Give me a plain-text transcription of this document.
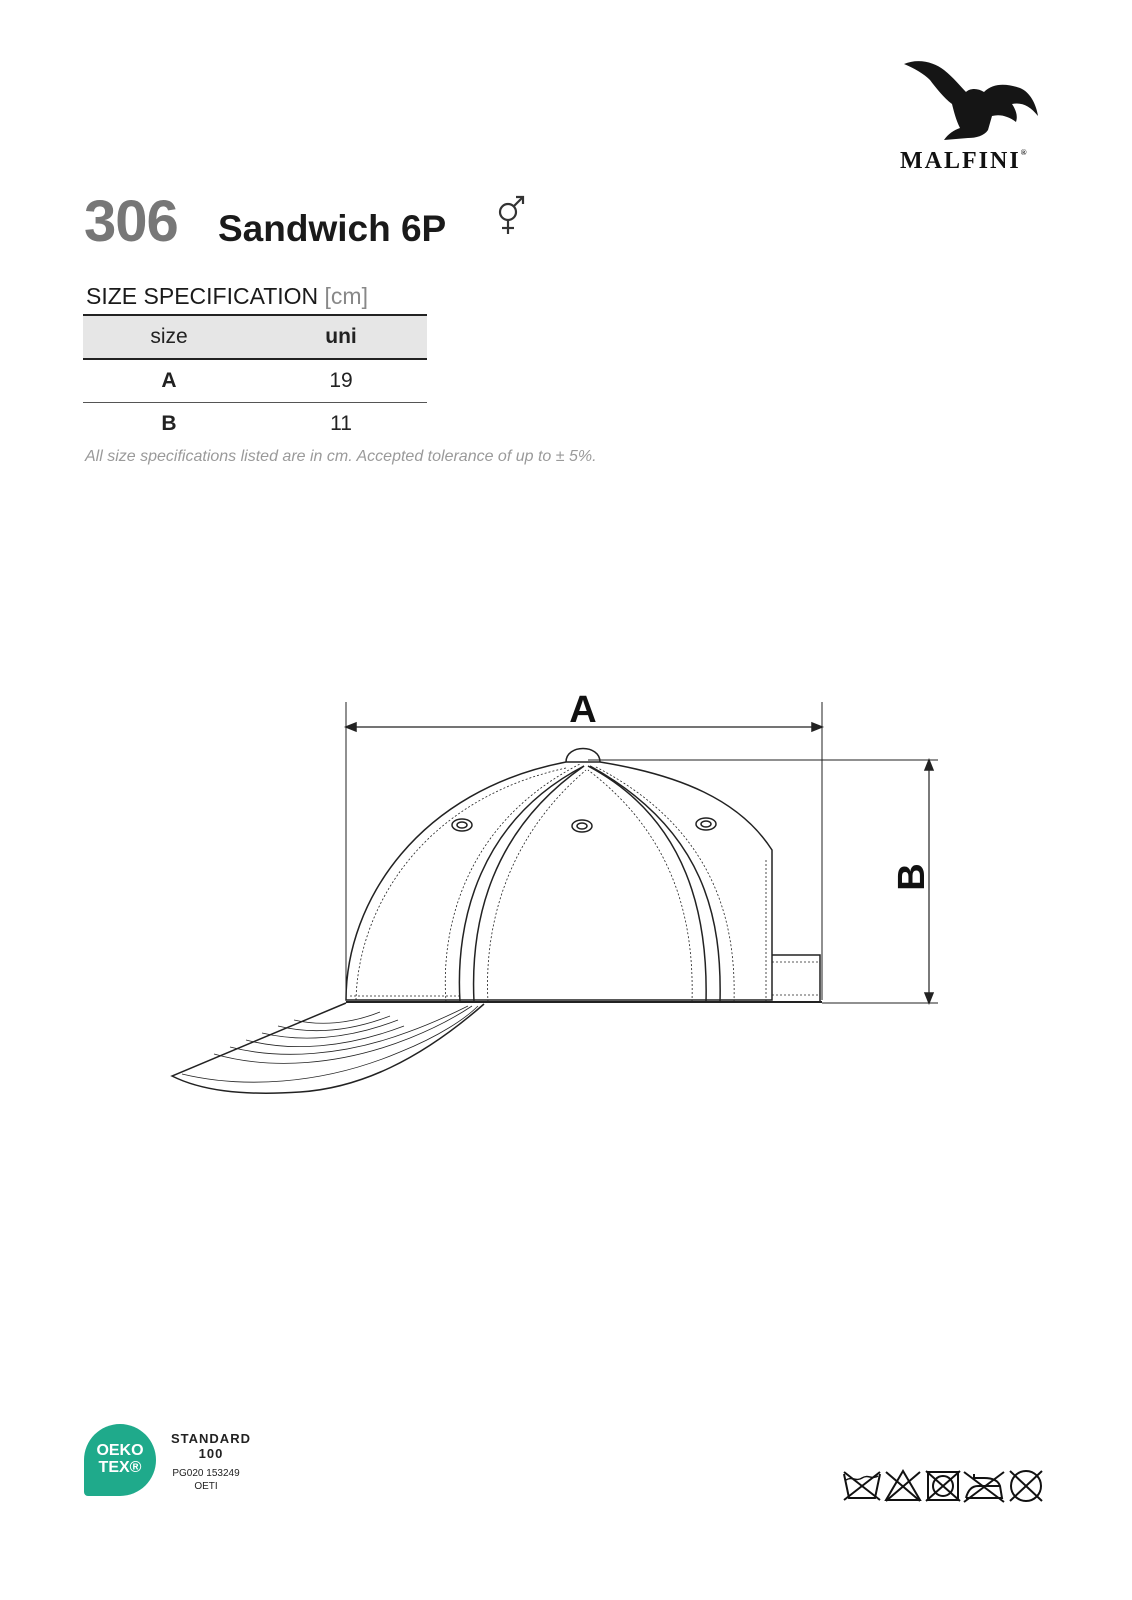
MALFINI®
306 Sandwich 6P
SIZE SPECIFICATION [cm]
size	uni
A	19
B	11
All size specifications listed are in cm. Accepted tolerance of up to ± 5%.
A
B
OEKO
TEX®
STANDARD
100
PG020 153249
OETI
